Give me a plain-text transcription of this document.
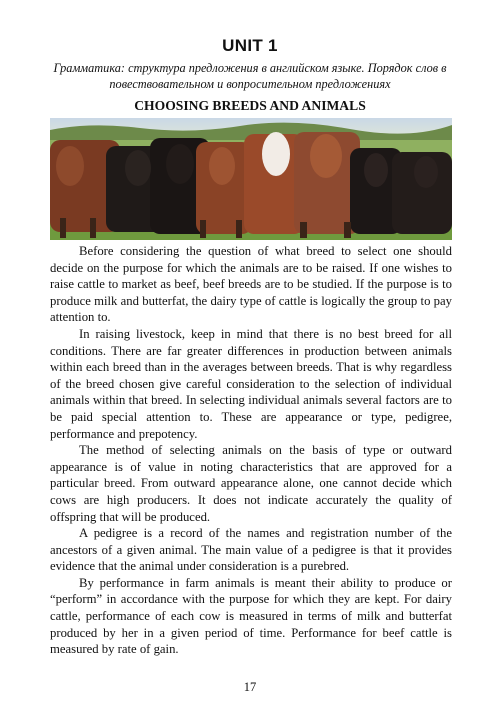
UNIT 1
Грамматика: структура предложения в английском языке. Порядок слов в повествовательном и вопросительном предложениях
CHOOSING BREEDS AND ANIMALS

Before considering the question of what breed to select one should decide on the purpose for which the animals are to be raised. If one wishes to raise cattle to market as beef, beef breeds are to be studied. If the purpose is to produce milk and butterfat, the dairy type of cattle is logically the group to pay attention to.

In raising livestock, keep in mind that there is no best breed for all conditions. There are far greater differences in production between animals within each breed than in the averages between breeds. That is why regardless of the breed chosen give careful consideration to the selection of individual animals within that breed. In selecting individual animals several factors are to be paid special attention to. These are appearance or type, pedigree, performance and prepotency.

The method of selecting animals on the basis of type or outward appearance is of value in noting characteristics that are approved for a particular breed. From outward appearance alone, one cannot decide which cows are high producers. It does not indicate accurately the quality of offspring that will be produced.

A pedigree is a record of the names and registration number of the ancestors of a given animal. The main value of a pedigree is that it provides evidence that the animal under consideration is a purebred.

By performance in farm animals is meant their ability to produce or “perform” in accordance with the purpose for which they are kept. For dairy cattle, performance of each cow is measured in terms of milk and butterfat produced by her in a given period of time. Performance for beef cattle is measured by rate of gain.

17
